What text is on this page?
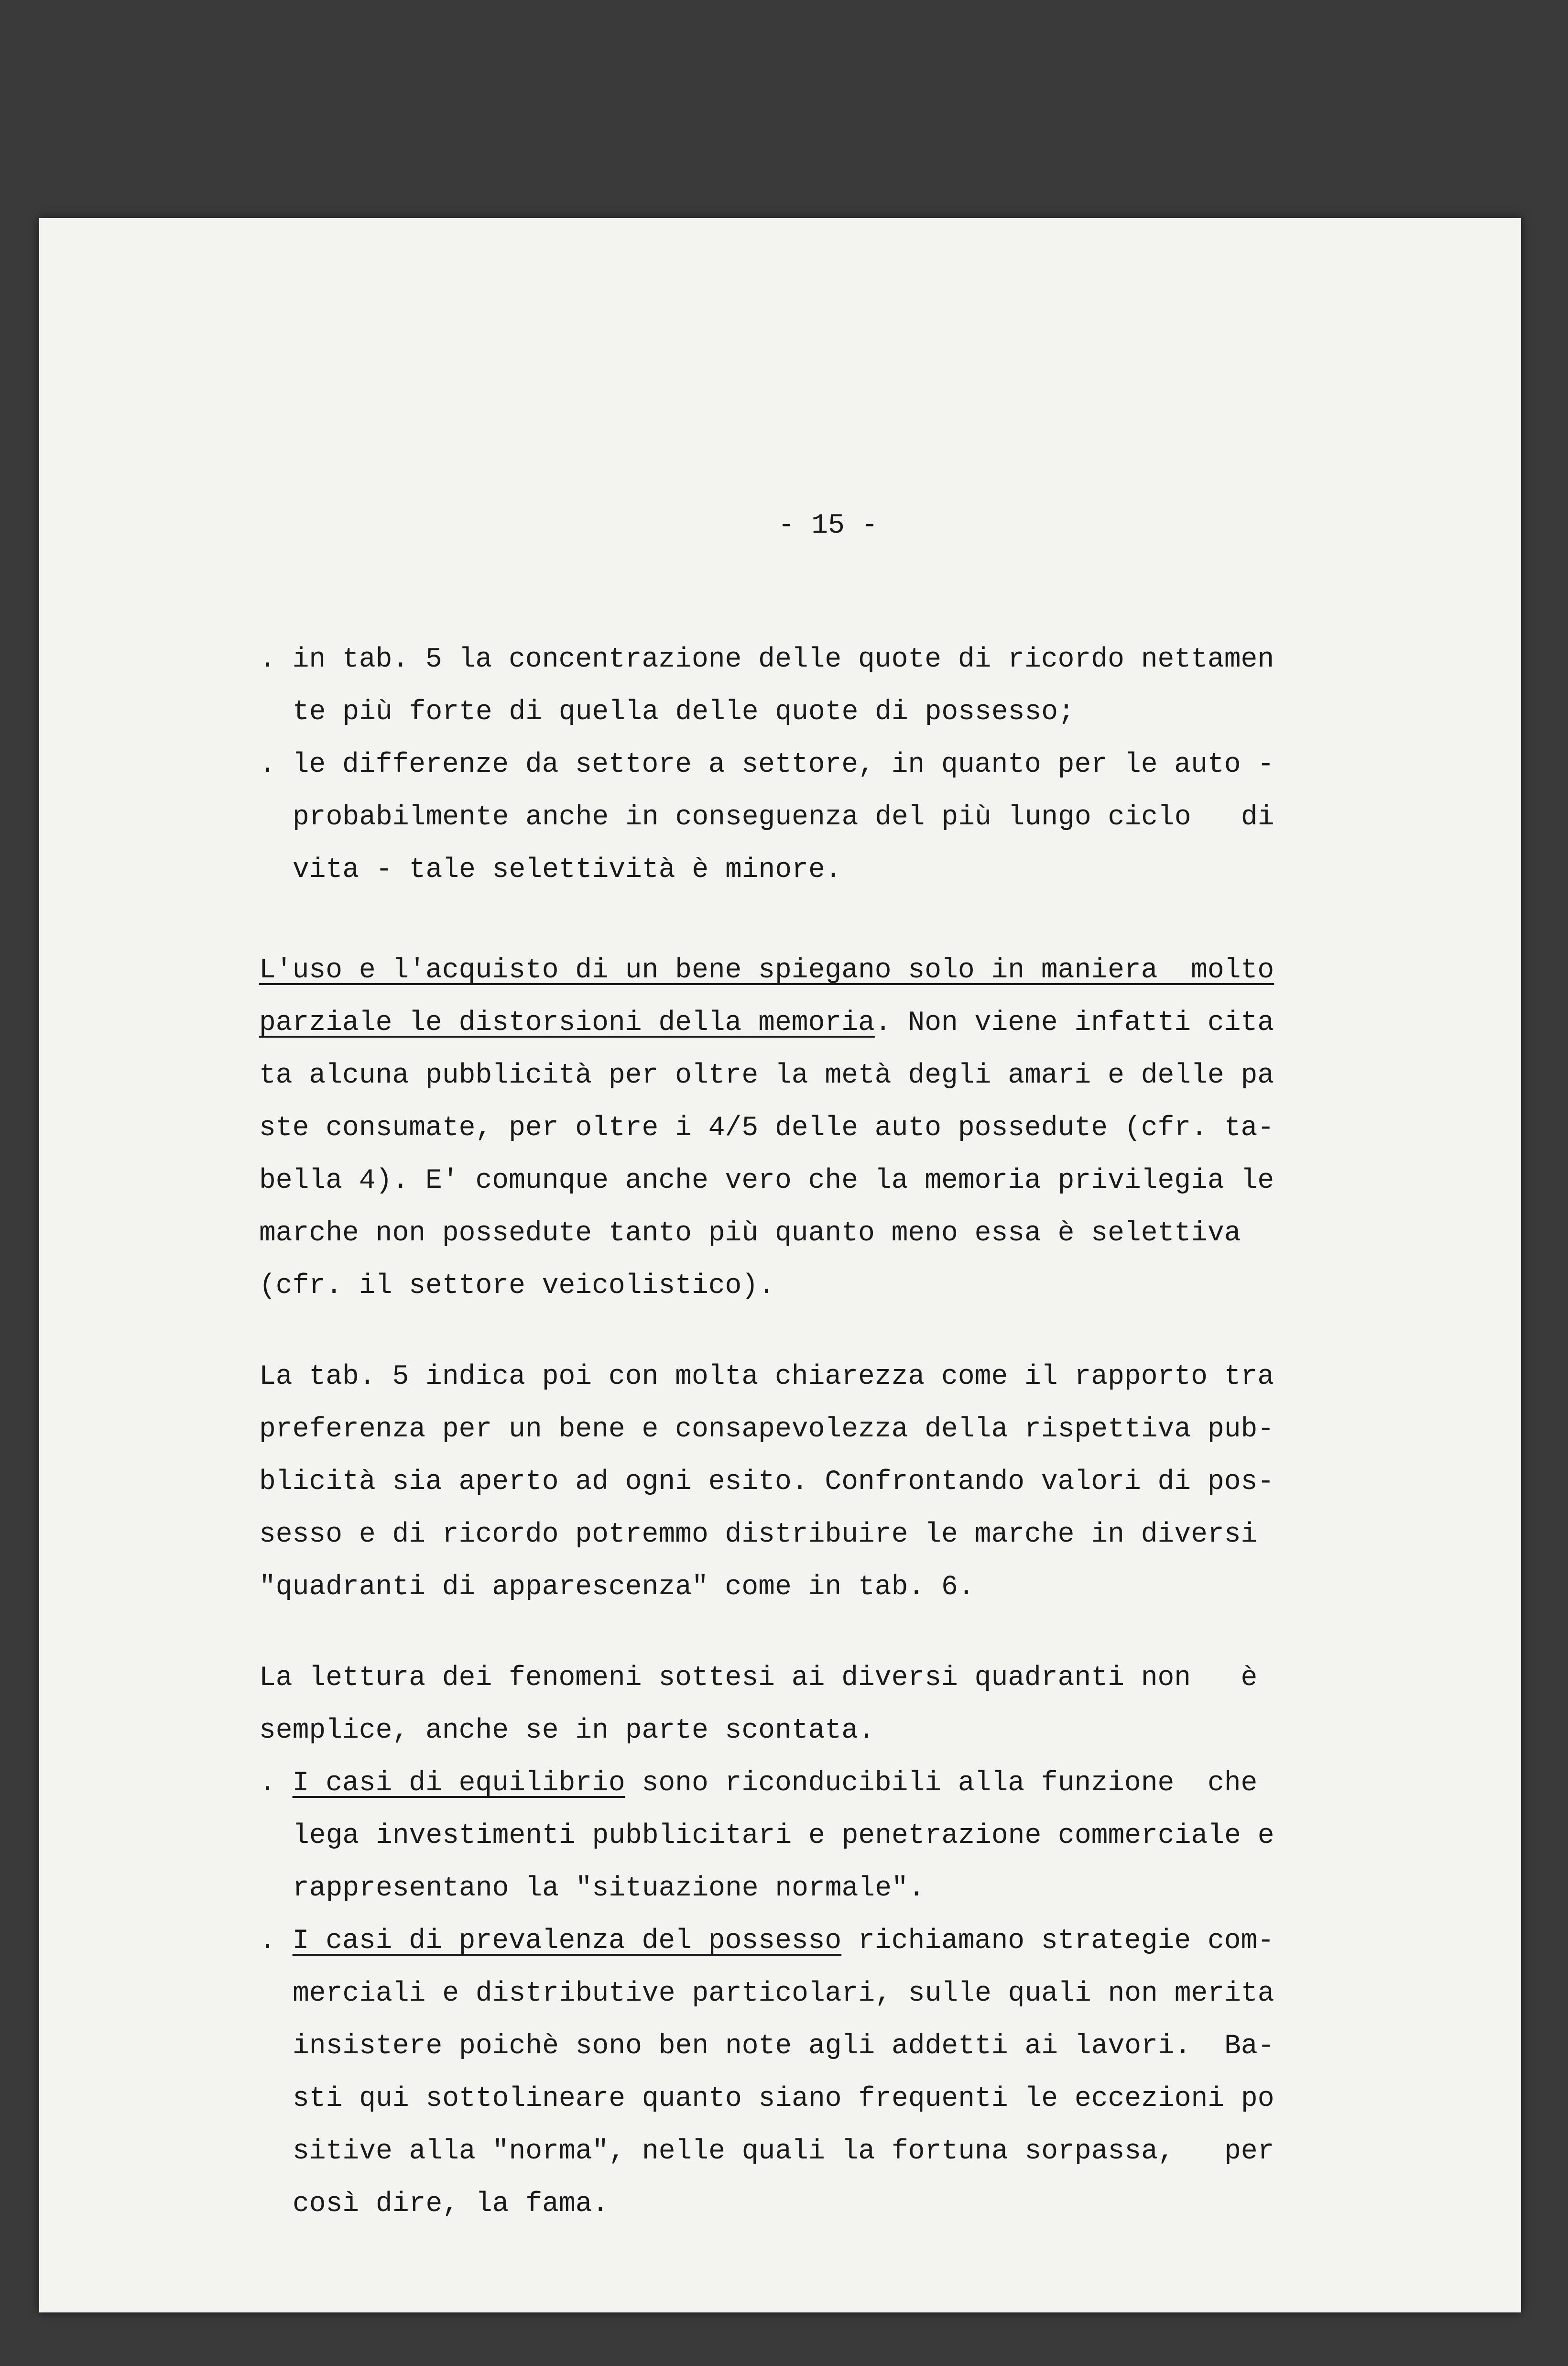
- 15 -
. in tab. 5 la concentrazione delle quote di ricordo nettamen
te più forte di quella delle quote di possesso;
. le differenze da settore a settore, in quanto per le auto -
probabilmente anche in conseguenza del più lungo ciclo   di
vita - tale selettività è minore.
L'uso e l'acquisto di un bene spiegano solo in maniera  molto
parziale le distorsioni della memoria. Non viene infatti cita
ta alcuna pubblicità per oltre la metà degli amari e delle pa
ste consumate, per oltre i 4/5 delle auto possedute (cfr. ta-
bella 4). E' comunque anche vero che la memoria privilegia le
marche non possedute tanto più quanto meno essa è selettiva
(cfr. il settore veicolistico).
La tab. 5 indica poi con molta chiarezza come il rapporto tra
preferenza per un bene e consapevolezza della rispettiva pub-
blicità sia aperto ad ogni esito. Confrontando valori di pos-
sesso e di ricordo potremmo distribuire le marche in diversi
"quadranti di apparescenza" come in tab. 6.
La lettura dei fenomeni sottesi ai diversi quadranti non   è
semplice, anche se in parte scontata.
. I casi di equilibrio sono riconducibili alla funzione  che
lega investimenti pubblicitari e penetrazione commerciale e
rappresentano la "situazione normale".
. I casi di prevalenza del possesso richiamano strategie com-
merciali e distributive particolari, sulle quali non merita
insistere poichè sono ben note agli addetti ai lavori.  Ba-
sti qui sottolineare quanto siano frequenti le eccezioni po
sitive alla "norma", nelle quali la fortuna sorpassa,   per
così dire, la fama.
